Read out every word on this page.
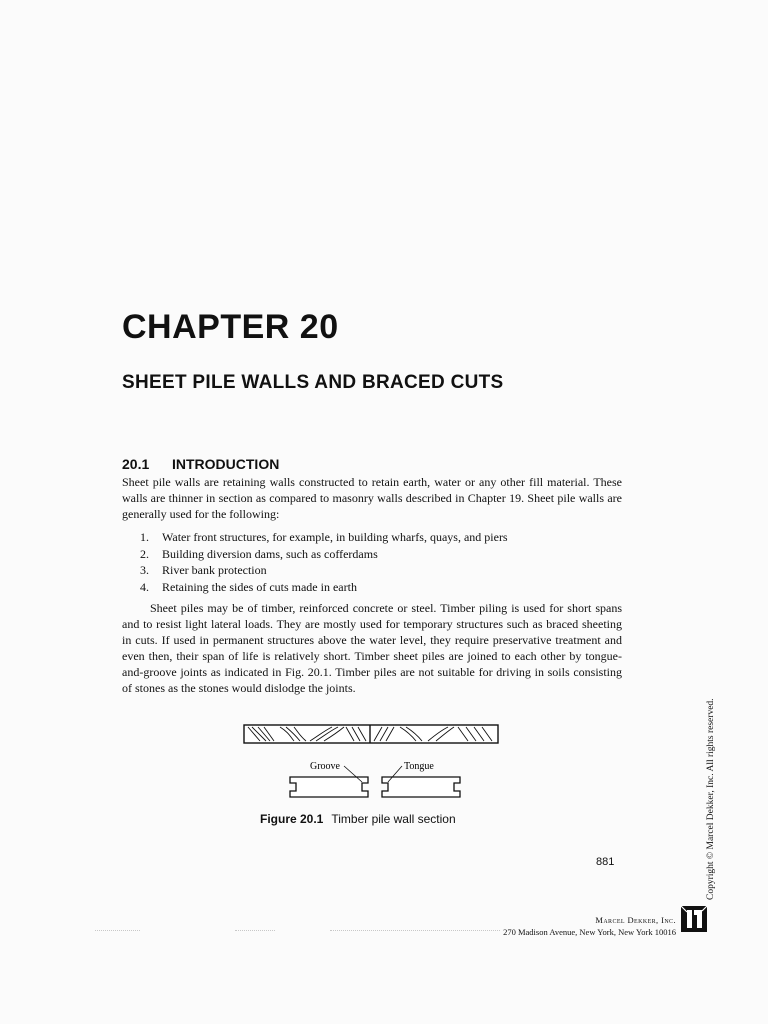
CHAPTER 20
SHEET PILE WALLS AND BRACED CUTS
20.1 INTRODUCTION

Sheet pile walls are retaining walls constructed to retain earth, water or any other fill material. These walls are thinner in section as compared to masonry walls described in Chapter 19. Sheet pile walls are generally used for the following:

1. Water front structures, for example, in building wharfs, quays, and piers
2. Building diversion dams, such as cofferdams
3. River bank protection
4. Retaining the sides of cuts made in earth

Sheet piles may be of timber, reinforced concrete or steel. Timber piling is used for short spans and to resist light lateral loads. They are mostly used for temporary structures such as braced sheeting in cuts. If used in permanent structures above the water level, they require preservative treatment and even then, their span of life is relatively short. Timber sheet piles are joined to each other by tongue-and-groove joints as indicated in Fig. 20.1. Timber piles are not suitable for driving in soils consisting of stones as the stones would dislodge the joints.

Groove	Tongue

Figure 20.1 Timber pile wall section

881	Copyright © Marcel Dekker, Inc. All rights reserved.

Marcel Dekker, Inc.
270 Madison Avenue, New York, New York 10016
